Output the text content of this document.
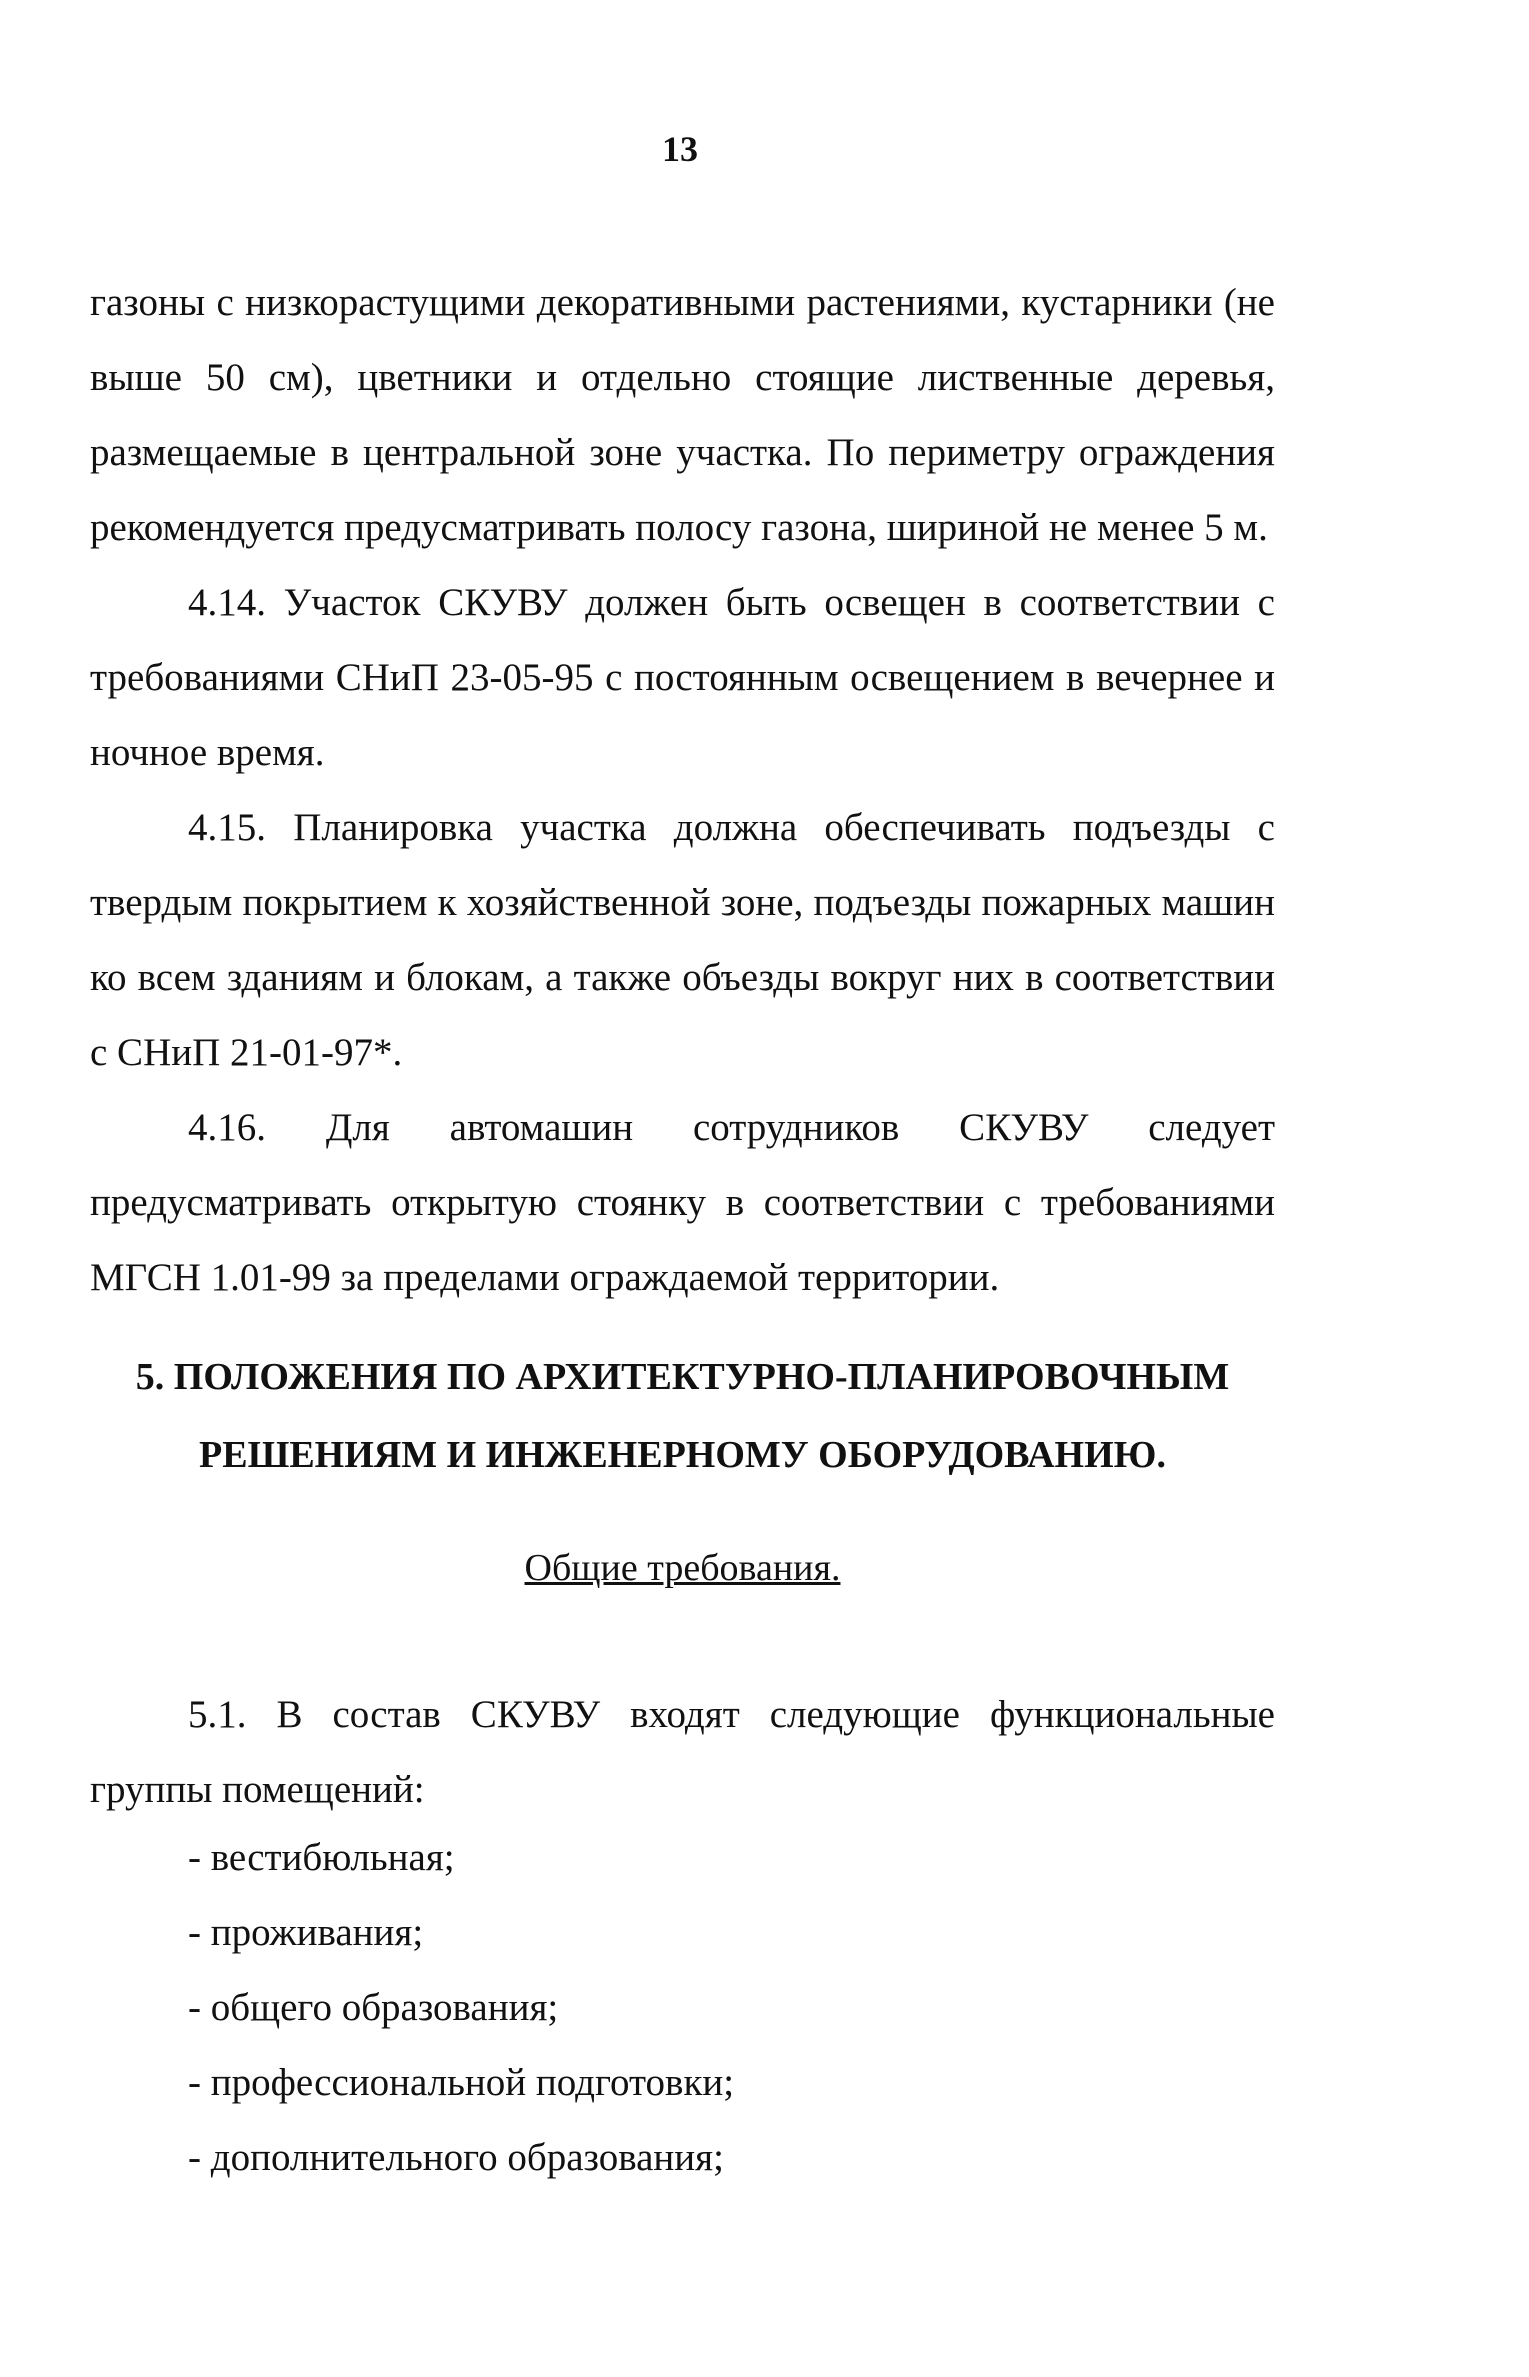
13

газоны с низкорастущими декоративными растениями, кустарники (не выше 50 см), цветники и отдельно стоящие лиственные деревья, размещаемые в центральной зоне участка. По периметру ограждения рекомендуется предусматривать полосу газона, шириной не менее 5 м.

4.14. Участок СКУВУ должен быть освещен в соответствии с требованиями СНиП 23-05-95 с постоянным освещением в вечернее и ночное время.

4.15. Планировка участка должна обеспечивать подъезды с твердым покрытием к хозяйственной зоне, подъезды пожарных машин ко всем зданиям и блокам, а также объезды вокруг них в соответствии с СНиП 21-01-97*.

4.16. Для автомашин сотрудников СКУВУ следует предусматривать открытую стоянку в соответствии с требованиями МГСН 1.01-99 за пределами ограждаемой территории.

5. ПОЛОЖЕНИЯ ПО АРХИТЕКТУРНО-ПЛАНИРОВОЧНЫМ
РЕШЕНИЯМ И ИНЖЕНЕРНОМУ ОБОРУДОВАНИЮ.
Общие требования.

5.1. В состав СКУВУ входят следующие функциональные группы помещений:

- вестибюльная;
- проживания;
- общего образования;
- профессиональной подготовки;
- дополнительного образования;
